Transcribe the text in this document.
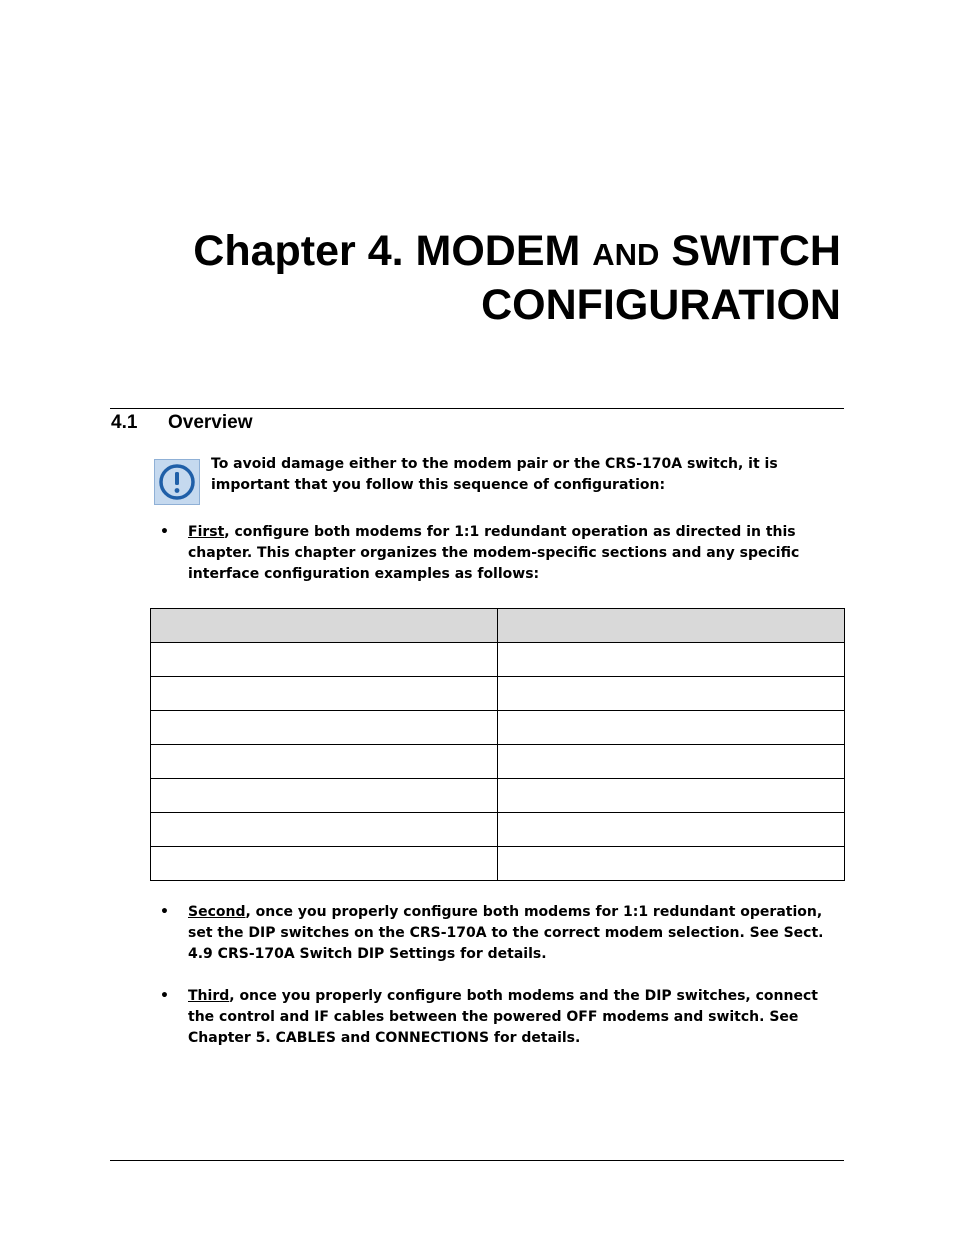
Chapter 4. MODEM AND SWITCH
CONFIGURATION
4.1 Overview

To avoid damage either to the modem pair or the CRS-170A switch, it is important that you follow this sequence of configuration:

•	First, configure both modems for 1:1 redundant operation as directed in this chapter. This chapter organizes the modem-specific sections and any specific interface configuration examples as follows:

•	Second, once you properly configure both modems for 1:1 redundant operation, set the DIP switches on the CRS-170A to the correct modem selection. See Sect. 4.9 CRS-170A Switch DIP Settings for details.
•	Third, once you properly configure both modems and the DIP switches, connect the control and IF cables between the powered OFF modems and switch. See Chapter 5. CABLES and CONNECTIONS for details.
